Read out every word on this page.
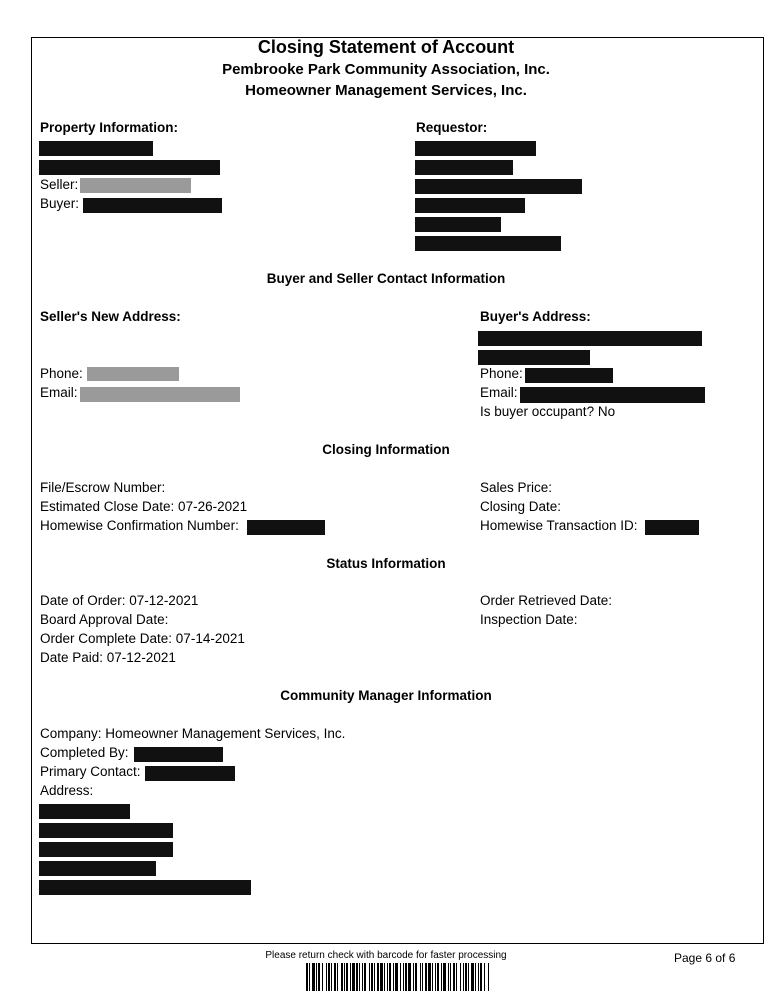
Closing Statement of Account
Pembrooke Park Community Association, Inc.
Homeowner Management Services, Inc.
Property Information:
Seller:
Buyer:
Requestor:
Buyer and Seller Contact Information
Seller's New Address:	Buyer's Address:
Phone:
Email:
Phone:
Email:
Is buyer occupant? No
Closing Information
File/Escrow Number:
Estimated Close Date: 07-26-2021
Homewise Confirmation Number:
Sales Price:
Closing Date:
Homewise Transaction ID:
Status Information
Date of Order: 07-12-2021
Board Approval Date:
Order Complete Date: 07-14-2021
Date Paid: 07-12-2021
Order Retrieved Date:
Inspection Date:
Community Manager Information
Company: Homeowner Management Services, Inc.
Completed By:
Primary Contact:
Address:
Please return check with barcode for faster processing	Page 6 of 6
